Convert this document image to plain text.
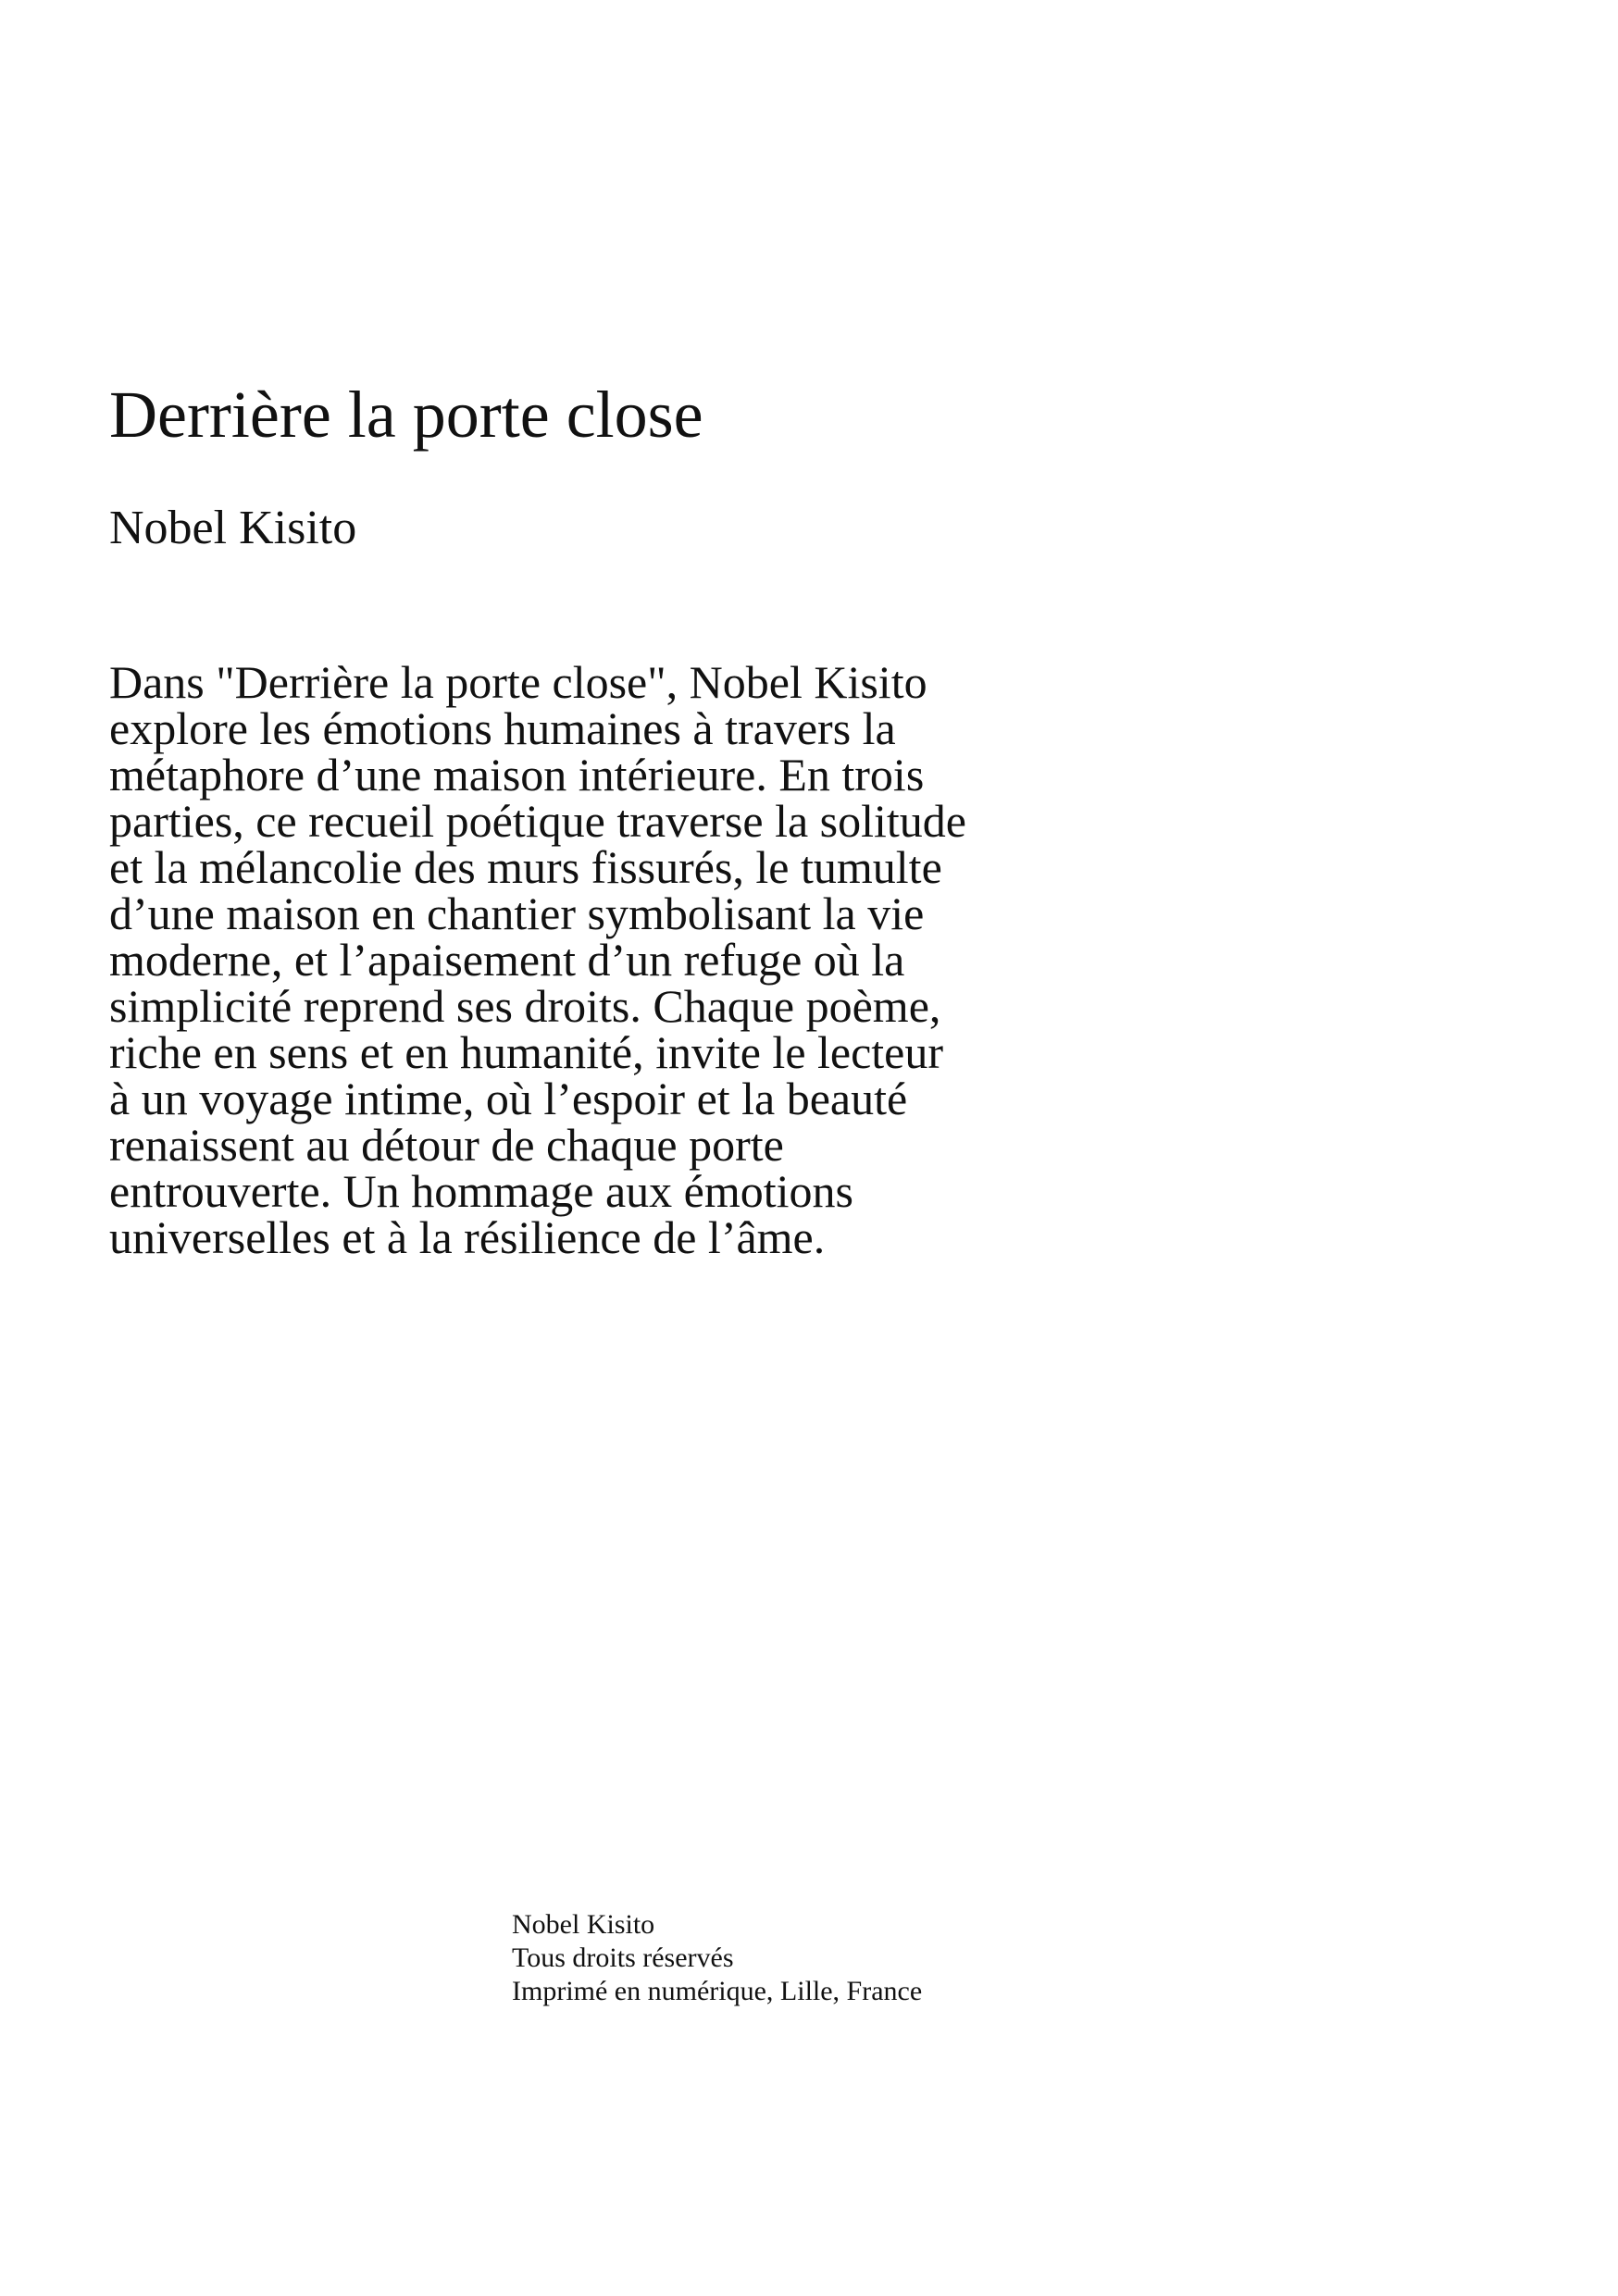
Derrière la porte close
Nobel Kisito
Dans "Derrière la porte close", Nobel Kisito
explore les émotions humaines à travers la
métaphore d’une maison intérieure. En trois
parties, ce recueil poétique traverse la solitude
et la mélancolie des murs fissurés, le tumulte
d’une maison en chantier symbolisant la vie
moderne, et l’apaisement d’un refuge où la
simplicité reprend ses droits. Chaque poème,
riche en sens et en humanité, invite le lecteur
à un voyage intime, où l’espoir et la beauté
renaissent au détour de chaque porte
entrouverte. Un hommage aux émotions
universelles et à la résilience de l’âme.
Nobel Kisito
Tous droits réservés
Imprimé en numérique, Lille, France
